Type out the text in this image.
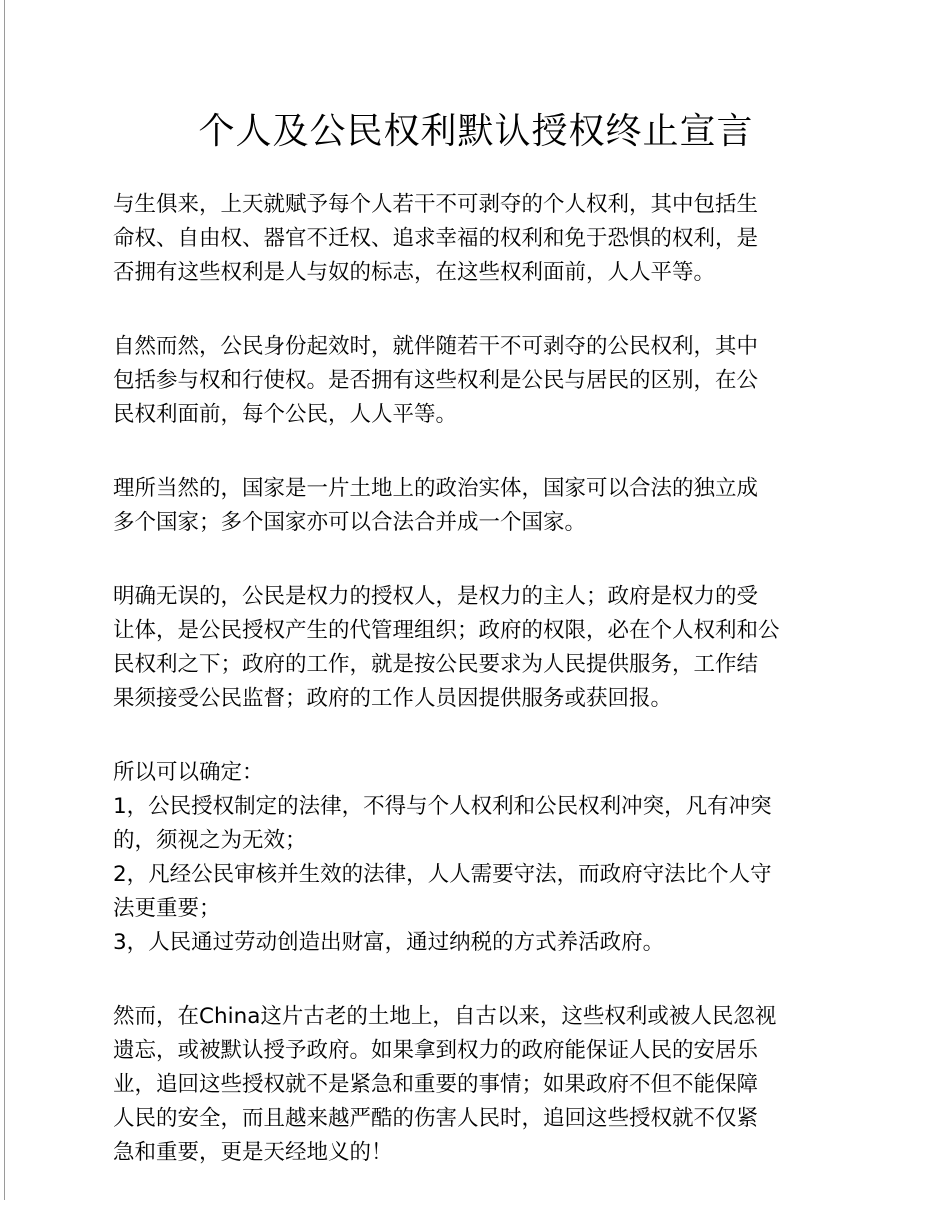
个人及公民权利默认授权终止宣言
与生俱来，上天就赋予每个人若干不可剥夺的个人权利，其中包括生
命权、自由权、器官不迁权、追求幸福的权利和免于恐惧的权利，是
否拥有这些权利是人与奴的标志，在这些权利面前，人人平等。
自然而然，公民身份起效时，就伴随若干不可剥夺的公民权利，其中
包括参与权和行使权。是否拥有这些权利是公民与居民的区别，在公
民权利面前，每个公民，人人平等。
理所当然的，国家是一片土地上的政治实体，国家可以合法的独立成
多个国家；多个国家亦可以合法合并成一个国家。
明确无误的，公民是权力的授权人，是权力的主人；政府是权力的受
让体，是公民授权产生的代管理组织；政府的权限，必在个人权利和公
民权利之下；政府的工作，就是按公民要求为人民提供服务，工作结
果须接受公民监督；政府的工作人员因提供服务或获回报。
所以可以确定：
1，公民授权制定的法律，不得与个人权利和公民权利冲突，凡有冲突
的，须视之为无效；
2，凡经公民审核并生效的法律，人人需要守法，而政府守法比个人守
法更重要；
3，人民通过劳动创造出财富，通过纳税的方式养活政府。
然而，在China这片古老的土地上，自古以来，这些权利或被人民忽视
遗忘，或被默认授予政府。如果拿到权力的政府能保证人民的安居乐
业，追回这些授权就不是紧急和重要的事情；如果政府不但不能保障
人民的安全，而且越来越严酷的伤害人民时，追回这些授权就不仅紧
急和重要，更是天经地义的！
